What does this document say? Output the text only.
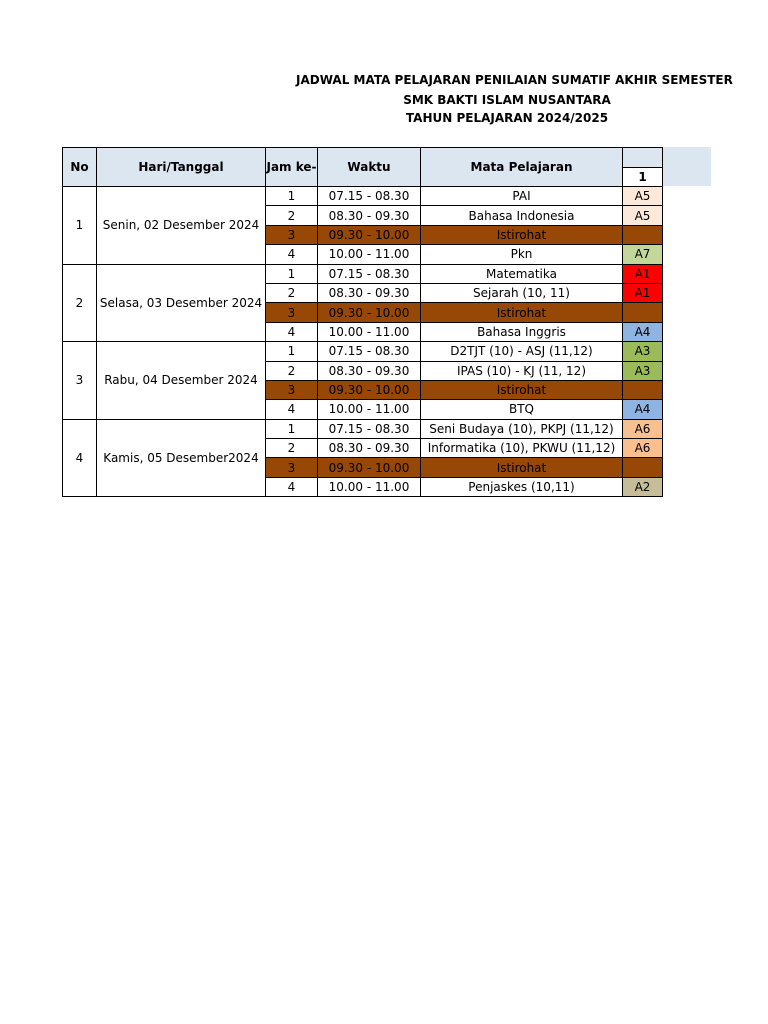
JADWAL MATA PELAJARAN PENILAIAN SUMATIF AKHIR SEMESTER
SMK BAKTI ISLAM NUSANTARA
TAHUN PELAJARAN 2024/2025
No	Hari/Tanggal	Jam ke-	Waktu	Mata Pelajaran	
					1
1	Senin, 02 Desember 2024	1	07.15 - 08.30	PAI	A5
		2	08.30 - 09.30	Bahasa Indonesia	A5
		3	09.30 - 10.00	Istirohat	
		4	10.00 - 11.00	Pkn	A7
2	Selasa, 03 Desember 2024	1	07.15 - 08.30	Matematika	A1
		2	08.30 - 09.30	Sejarah (10, 11)	A1
		3	09.30 - 10.00	Istirohat	
		4	10.00 - 11.00	Bahasa Inggris	A4
3	Rabu, 04 Desember 2024	1	07.15 - 08.30	D2TJT (10) - ASJ (11,12)	A3
		2	08.30 - 09.30	IPAS (10) - KJ (11, 12)	A3
		3	09.30 - 10.00	Istirohat	
		4	10.00 - 11.00	BTQ	A4
4	Kamis, 05 Desember2024	1	07.15 - 08.30	Seni Budaya (10), PKPJ (11,12)	A6
		2	08.30 - 09.30	Informatika (10), PKWU (11,12)	A6
		3	09.30 - 10.00	Istirohat	
		4	10.00 - 11.00	Penjaskes (10,11)	A2
